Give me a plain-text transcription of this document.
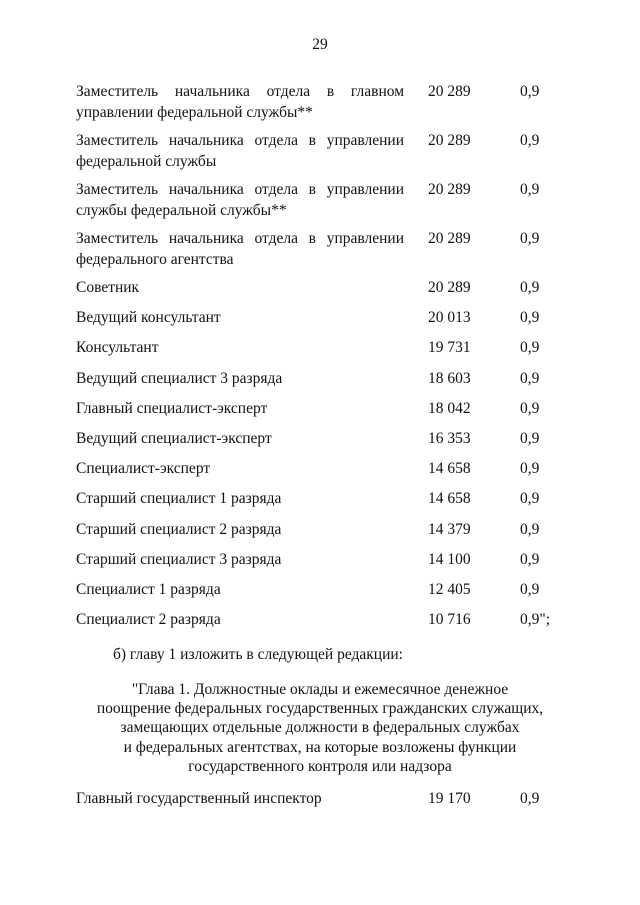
29
Заместитель начальника отдела в главном управлении федеральной службы**
20 289	0,9
Заместитель начальника отдела в управлении федеральной службы
20 289	0,9
Заместитель начальника отдела в управлении службы федеральной службы**
20 289	0,9
Заместитель начальника отдела в управлении федерального агентства
20 289	0,9
Советник	20 289	0,9
Ведущий консультант	20 013	0,9
Консультант	19 731	0,9
Ведущий специалист 3 разряда	18 603	0,9
Главный специалист-эксперт	18 042	0,9
Ведущий специалист-эксперт	16 353	0,9
Специалист-эксперт	14 658	0,9
Старший специалист 1 разряда	14 658	0,9
Старший специалист 2 разряда	14 379	0,9
Старший специалист 3 разряда	14 100	0,9
Специалист 1 разряда	12 405	0,9
Специалист 2 разряда	10 716	0,9";
б) главу 1 изложить в следующей редакции:
"Глава 1. Должностные оклады и ежемесячное денежное
поощрение федеральных государственных гражданских служащих,
замещающих отдельные должности в федеральных службах
и федеральных агентствах, на которые возложены функции
государственного контроля или надзора
Главный государственный инспектор	19 170	0,9
